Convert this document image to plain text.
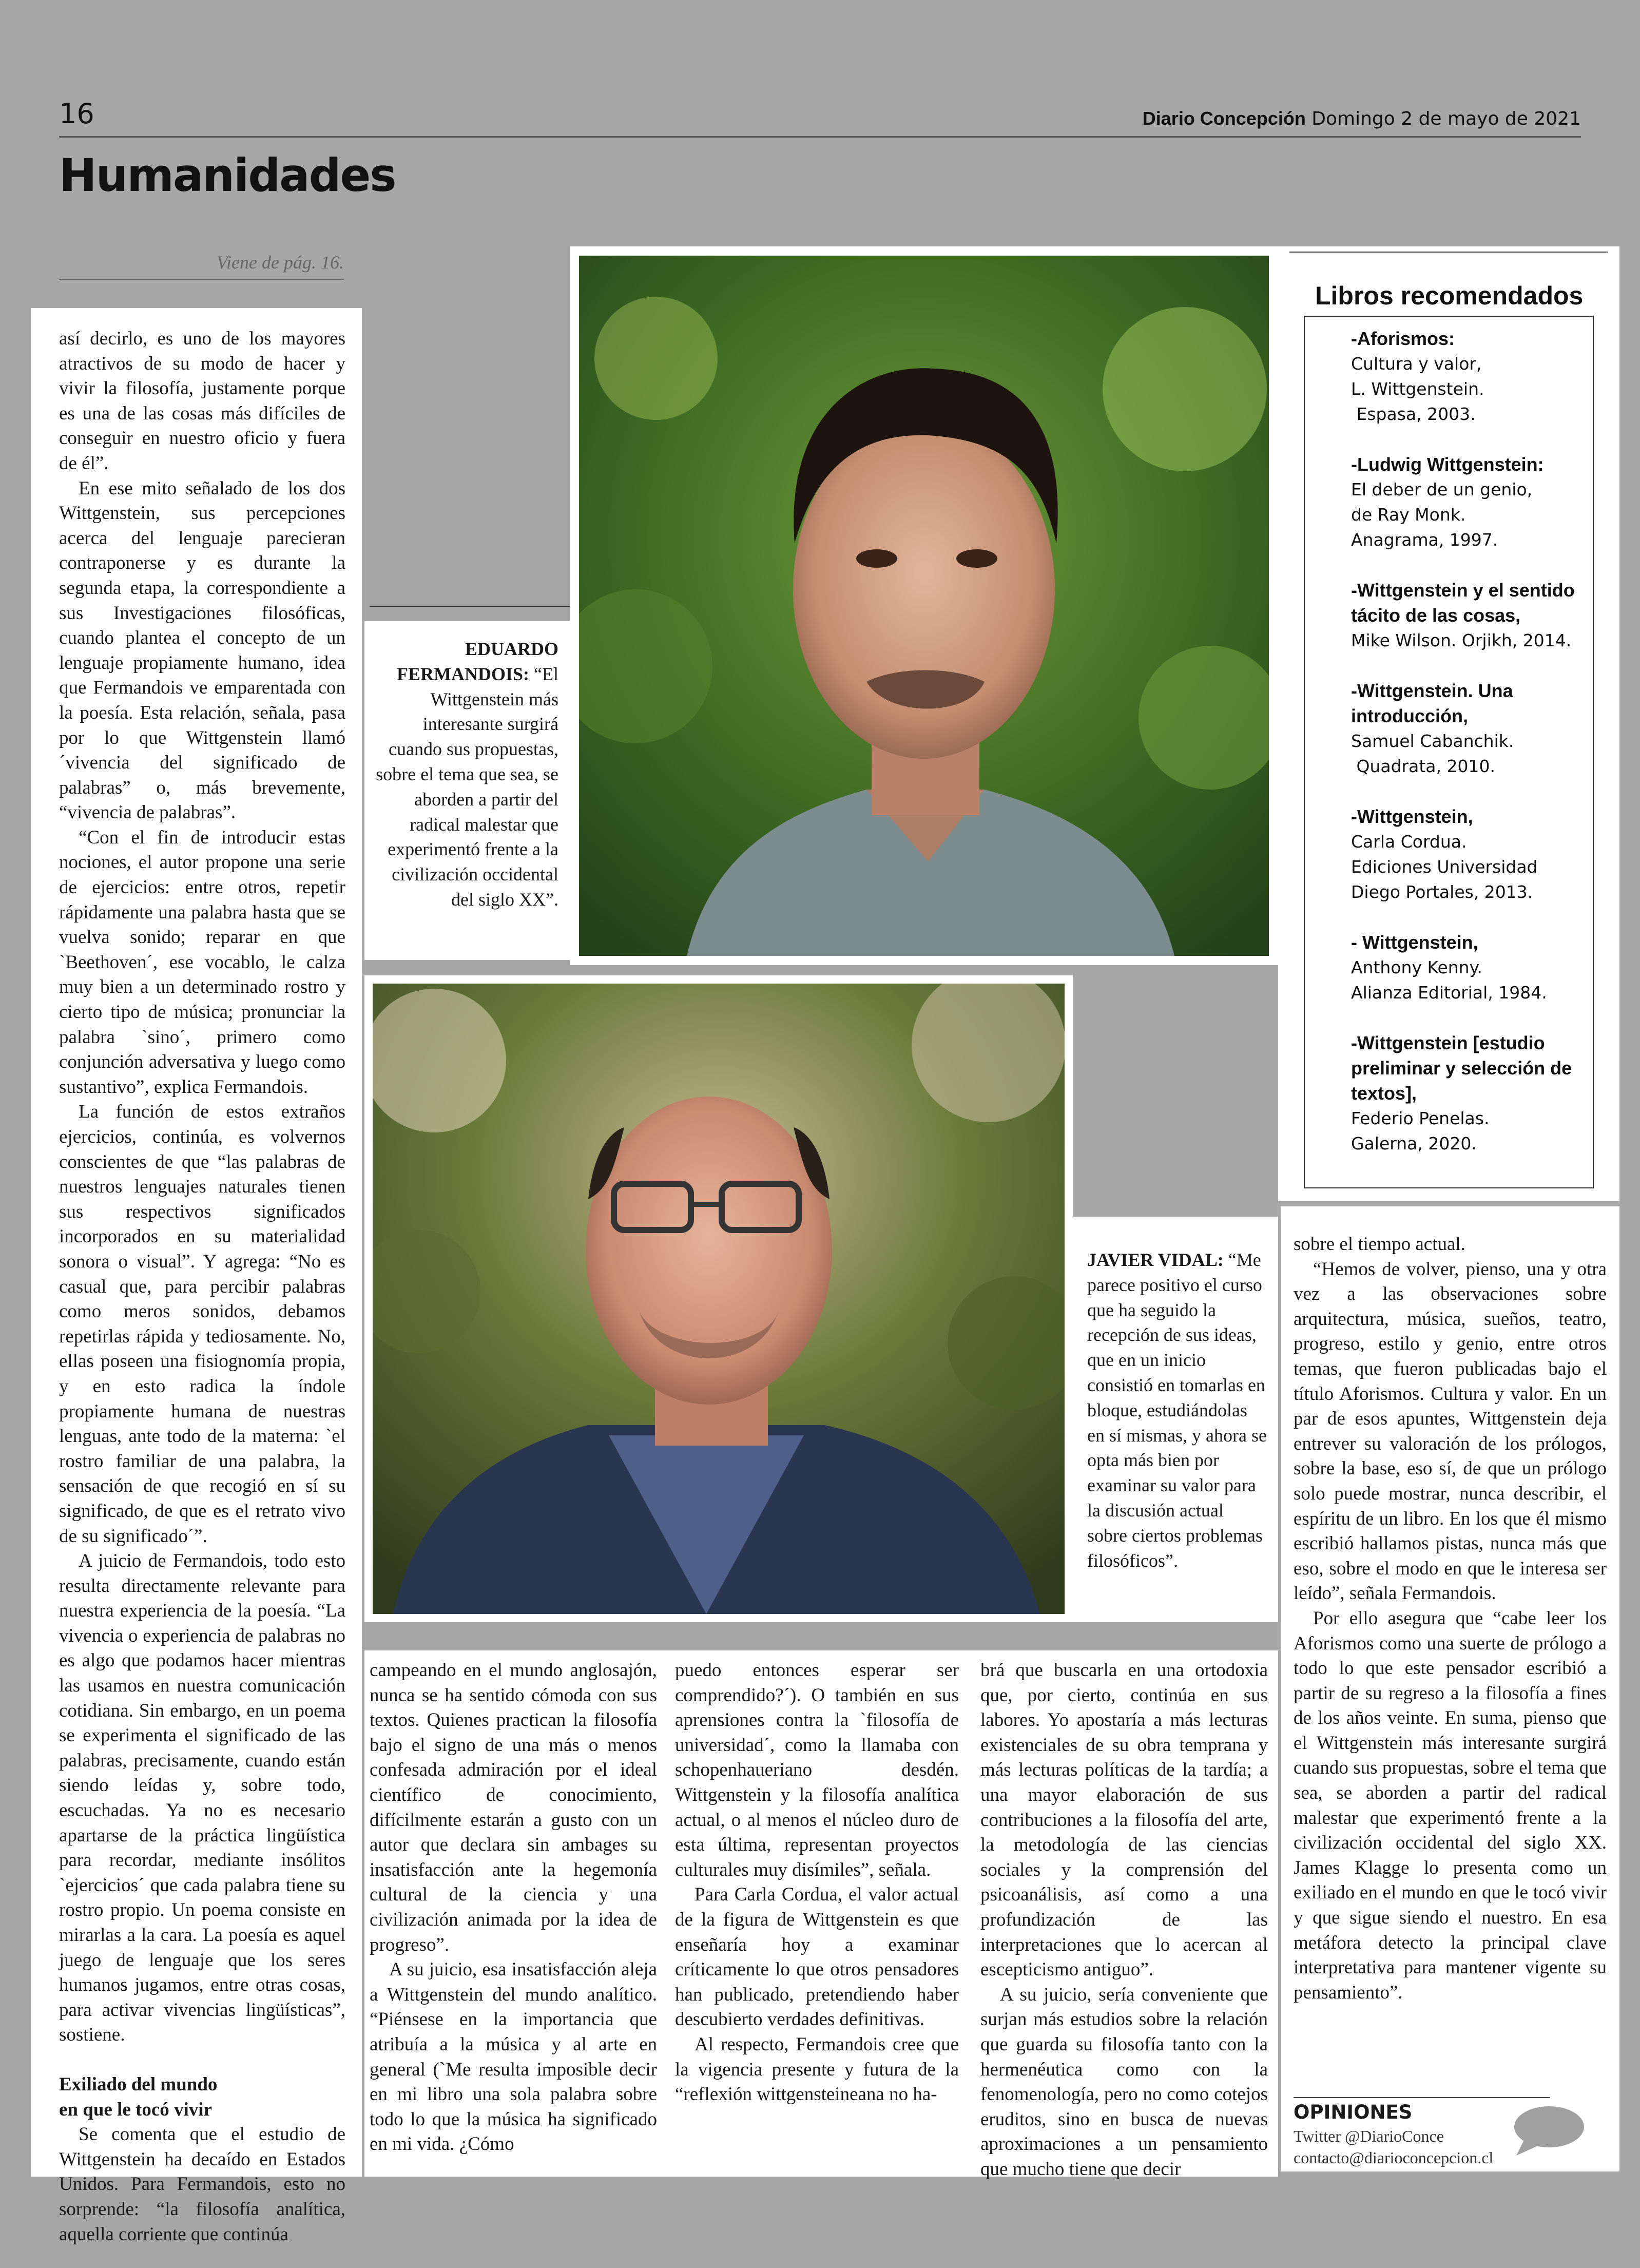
16	Diario Concepción Domingo 2 de mayo de 2021
Humanidades
Viene de pág. 16.

así decirlo, es uno de los mayores atractivos de su modo de hacer y vivir la filosofía, justamente porque es una de las cosas más difíciles de conseguir en nuestro oficio y fuera de él”.

En ese mito señalado de los dos Wittgenstein, sus percepciones acerca del lenguaje parecieran contraponerse y es durante la segunda etapa, la correspondiente a sus Investigaciones filosóficas, cuando plantea el concepto de un lenguaje propiamente humano, idea que Fermandois ve emparentada con la poesía. Esta relación, señala, pasa por lo que Wittgenstein llamó ´vivencia del significado de palabras” o, más brevemente, “vivencia de palabras”.

“Con el fin de introducir estas nociones, el autor propone una serie de ejercicios: entre otros, repetir rápidamente una palabra hasta que se vuelva sonido; reparar en que `Beethoven´, ese vocablo, le calza muy bien a un determinado rostro y cierto tipo de música; pronunciar la palabra `sino´, primero como conjunción adversativa y luego como sustantivo”, explica Fermandois.

La función de estos extraños ejercicios, continúa, es volvernos conscientes de que “las palabras de nuestros lenguajes naturales tienen sus respectivos significados incorporados en su materialidad sonora o visual”. Y agrega: “No es casual que, para percibir palabras como meros sonidos, debamos repetirlas rápida y tediosamente. No, ellas poseen una fisiognomía propia, y en esto radica la índole propiamente humana de nuestras lenguas, ante todo de la materna: `el rostro familiar de una palabra, la sensación de que recogió en sí su significado, de que es el retrato vivo de su significado´”.

A juicio de Fermandois, todo esto resulta directamente relevante para nuestra experiencia de la poesía. “La vivencia o experiencia de palabras no es algo que podamos hacer mientras las usamos en nuestra comunicación cotidiana. Sin embargo, en un poema se experimenta el significado de las palabras, precisamente, cuando están siendo leídas y, sobre todo, escuchadas. Ya no es necesario apartarse de la práctica lingüística para recordar, mediante insólitos `ejercicios´ que cada palabra tiene su rostro propio. Un poema consiste en mirarlas a la cara. La poesía es aquel juego de lenguaje que los seres humanos jugamos, entre otras cosas, para activar vivencias lingüísticas”, sostiene.

Exiliado del mundo
en que le tocó vivir

Se comenta que el estudio de Wittgenstein ha decaído en Estados Unidos. Para Fermandois, esto no sorprende: “la filosofía analítica, aquella corriente que continúa

EDUARDO FERMANDOIS: “El Wittgenstein más interesante surgirá cuando sus propuestas, sobre el tema que sea, se aborden a partir del radical malestar que experimentó frente a la civilización occidental del siglo XX”.
JAVIER VIDAL: “Me parece positivo el curso que ha seguido la recepción de sus ideas, que en un inicio consistió en tomarlas en bloque, estudiándolas en sí mismas, y ahora se opta más bien por examinar su valor para la discusión actual sobre ciertos problemas filosóficos”.
Libros recomendados
-Aforismos:
Cultura y valor,
L. Wittgenstein.
Espasa, 2003.
-Ludwig Wittgenstein:
El deber de un genio,
de Ray Monk.
Anagrama, 1997.
-Wittgenstein y el sentido tácito de las cosas,
Mike Wilson. Orjikh, 2014.
-Wittgenstein. Una introducción,
Samuel Cabanchik.
Quadrata, 2010.
-Wittgenstein,
Carla Cordua.
Ediciones Universidad
Diego Portales, 2013.
- Wittgenstein,
Anthony Kenny.
Alianza Editorial, 1984.
-Wittgenstein [estudio preliminar y selección de textos],
Federio Penelas.
Galerna, 2020.

campeando en el mundo anglosajón, nunca se ha sentido cómoda con sus textos. Quienes practican la filosofía bajo el signo de una más o menos confesada admiración por el ideal científico de conocimiento, difícilmente estarán a gusto con un autor que declara sin ambages su insatisfacción ante la hegemonía cultural de la ciencia y una civilización animada por la idea de progreso”.

A su juicio, esa insatisfacción aleja a Wittgenstein del mundo analítico. “Piénsese en la importancia que atribuía a la música y al arte en general (`Me resulta imposible decir en mi libro una sola palabra sobre todo lo que la música ha significado en mi vida. ¿Cómo

puedo entonces esperar ser comprendido?´). O también en sus aprensiones contra la `filosofía de universidad´, como la llamaba con schopenhaueriano desdén. Wittgenstein y la filosofía analítica actual, o al menos el núcleo duro de esta última, representan proyectos culturales muy disímiles”, señala.

Para Carla Cordua, el valor actual de la figura de Wittgenstein es que enseñaría hoy a examinar críticamente lo que otros pensadores han publicado, pretendiendo haber descubierto verdades definitivas.

Al respecto, Fermandois cree que la vigencia presente y futura de la “reflexión wittgensteineana no ha-

brá que buscarla en una ortodoxia que, por cierto, continúa en sus labores. Yo apostaría a más lecturas existenciales de su obra temprana y más lecturas políticas de la tardía; a una mayor elaboración de sus contribuciones a la filosofía del arte, la metodología de las ciencias sociales y la comprensión del psicoanálisis, así como a una profundización de las interpretaciones que lo acercan al escepticismo antiguo”.

A su juicio, sería conveniente que surjan más estudios sobre la relación que guarda su filosofía tanto con la hermenéutica como con la fenomenología, pero no como cotejos eruditos, sino en busca de nuevas aproximaciones a un pensamiento que mucho tiene que decir

sobre el tiempo actual.

“Hemos de volver, pienso, una y otra vez a las observaciones sobre arquitectura, música, sueños, teatro, progreso, estilo y genio, entre otros temas, que fueron publicadas bajo el título Aforismos. Cultura y valor. En un par de esos apuntes, Wittgenstein deja entrever su valoración de los prólogos, sobre la base, eso sí, de que un prólogo solo puede mostrar, nunca describir, el espíritu de un libro. En los que él mismo escribió hallamos pistas, nunca más que eso, sobre el modo en que le interesa ser leído”, señala Fermandois.

Por ello asegura que “cabe leer los Aforismos como una suerte de prólogo a todo lo que este pensador escribió a partir de su regreso a la filosofía a fines de los años veinte. En suma, pienso que el Wittgenstein más interesante surgirá cuando sus propuestas, sobre el tema que sea, se aborden a partir del radical malestar que experimentó frente a la civilización occidental del siglo XX. James Klagge lo presenta como un exiliado en el mundo en que le tocó vivir y que sigue siendo el nuestro. En esa metáfora detecto la principal clave interpretativa para mantener vigente su pensamiento”.

OPINIONES
Twitter @DiarioConce
contacto@diarioconcepcion.cl
